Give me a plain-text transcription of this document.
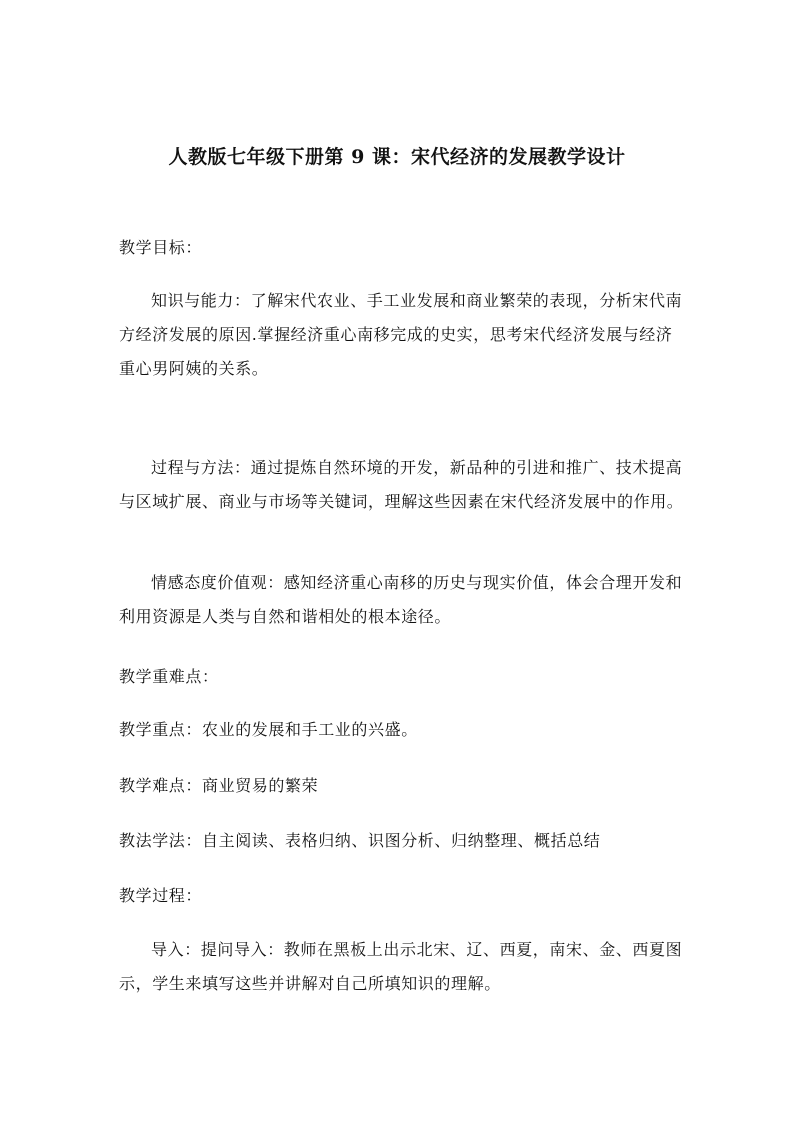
人教版七年级下册第 9 课：宋代经济的发展教学设计

教学目标：

知识与能力：了解宋代农业、手工业发展和商业繁荣的表现，分析宋代南方经济发展的原因.掌握经济重心南移完成的史实，思考宋代经济发展与经济重心男阿姨的关系。

过程与方法：通过提炼自然环境的开发，新品种的引进和推广、技术提高与区域扩展、商业与市场等关键词，理解这些因素在宋代经济发展中的作用。

情感态度价值观：感知经济重心南移的历史与现实价值，体会合理开发和利用资源是人类与自然和谐相处的根本途径。

教学重难点：

教学重点：农业的发展和手工业的兴盛。

教学难点：商业贸易的繁荣

教法学法：自主阅读、表格归纳、识图分析、归纳整理、概括总结

教学过程：

导入：提问导入：教师在黑板上出示北宋、辽、西夏，南宋、金、西夏图示，学生来填写这些并讲解对自己所填知识的理解。
